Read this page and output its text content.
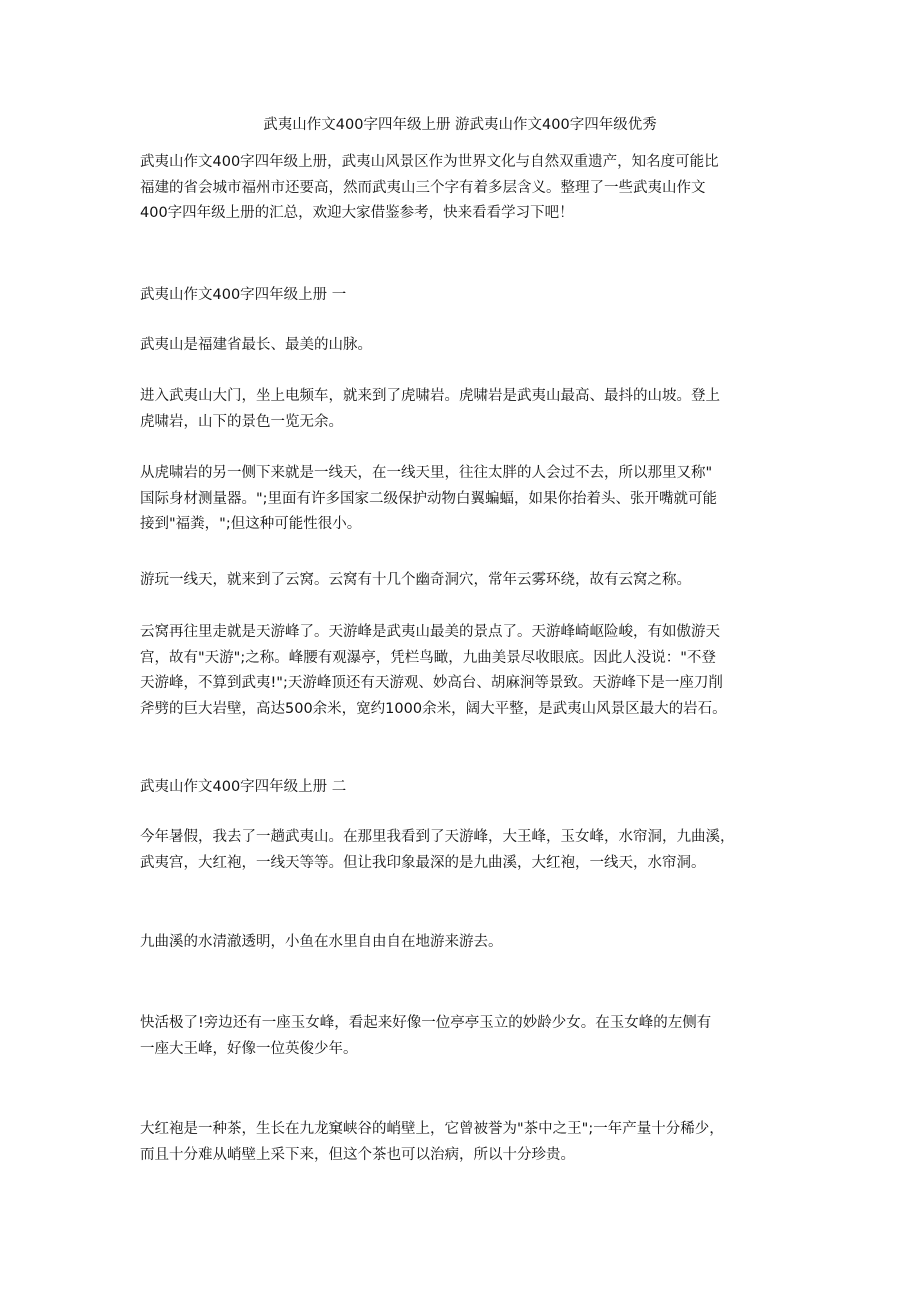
武夷山作文400字四年级上册 游武夷山作文400字四年级优秀
武夷山作文400字四年级上册，武夷山风景区作为世界文化与自然双重遗产，知名度可能比
福建的省会城市福州市还要高，然而武夷山三个字有着多层含义。整理了一些武夷山作文
400字四年级上册的汇总，欢迎大家借鉴参考，快来看看学习下吧！
武夷山作文400字四年级上册 一
武夷山是福建省最长、最美的山脉。
进入武夷山大门，坐上电频车，就来到了虎啸岩。虎啸岩是武夷山最高、最抖的山坡。登上
虎啸岩，山下的景色一览无余。
从虎啸岩的另一侧下来就是一线天，在一线天里，往往太胖的人会过不去，所以那里又称"
国际身材测量器。";里面有许多国家二级保护动物白翼蝙蝠，如果你抬着头、张开嘴就可能
接到"福粪，";但这种可能性很小。
游玩一线天，就来到了云窝。云窝有十几个幽奇洞穴，常年云雾环绕，故有云窝之称。
云窝再往里走就是天游峰了。天游峰是武夷山最美的景点了。天游峰崎岖险峻，有如傲游天
宫，故有"天游";之称。峰腰有观瀑亭，凭栏鸟瞰，九曲美景尽收眼底。因此人没说："不登
天游峰，不算到武夷!";天游峰顶还有天游观、妙高台、胡麻涧等景致。天游峰下是一座刀削
斧劈的巨大岩壁，高达500余米，宽约1000余米，阔大平整，是武夷山风景区最大的岩石。
武夷山作文400字四年级上册 二
今年暑假，我去了一趟武夷山。在那里我看到了天游峰，大王峰，玉女峰，水帘洞，九曲溪，
武夷宫，大红袍，一线天等等。但让我印象最深的是九曲溪，大红袍，一线天，水帘洞。
九曲溪的水清澈透明，小鱼在水里自由自在地游来游去。
快活极了!旁边还有一座玉女峰，看起来好像一位亭亭玉立的妙龄少女。在玉女峰的左侧有
一座大王峰，好像一位英俊少年。
大红袍是一种茶，生长在九龙窠峡谷的峭壁上，它曾被誉为"茶中之王";一年产量十分稀少，
而且十分难从峭壁上采下来，但这个茶也可以治病，所以十分珍贵。
